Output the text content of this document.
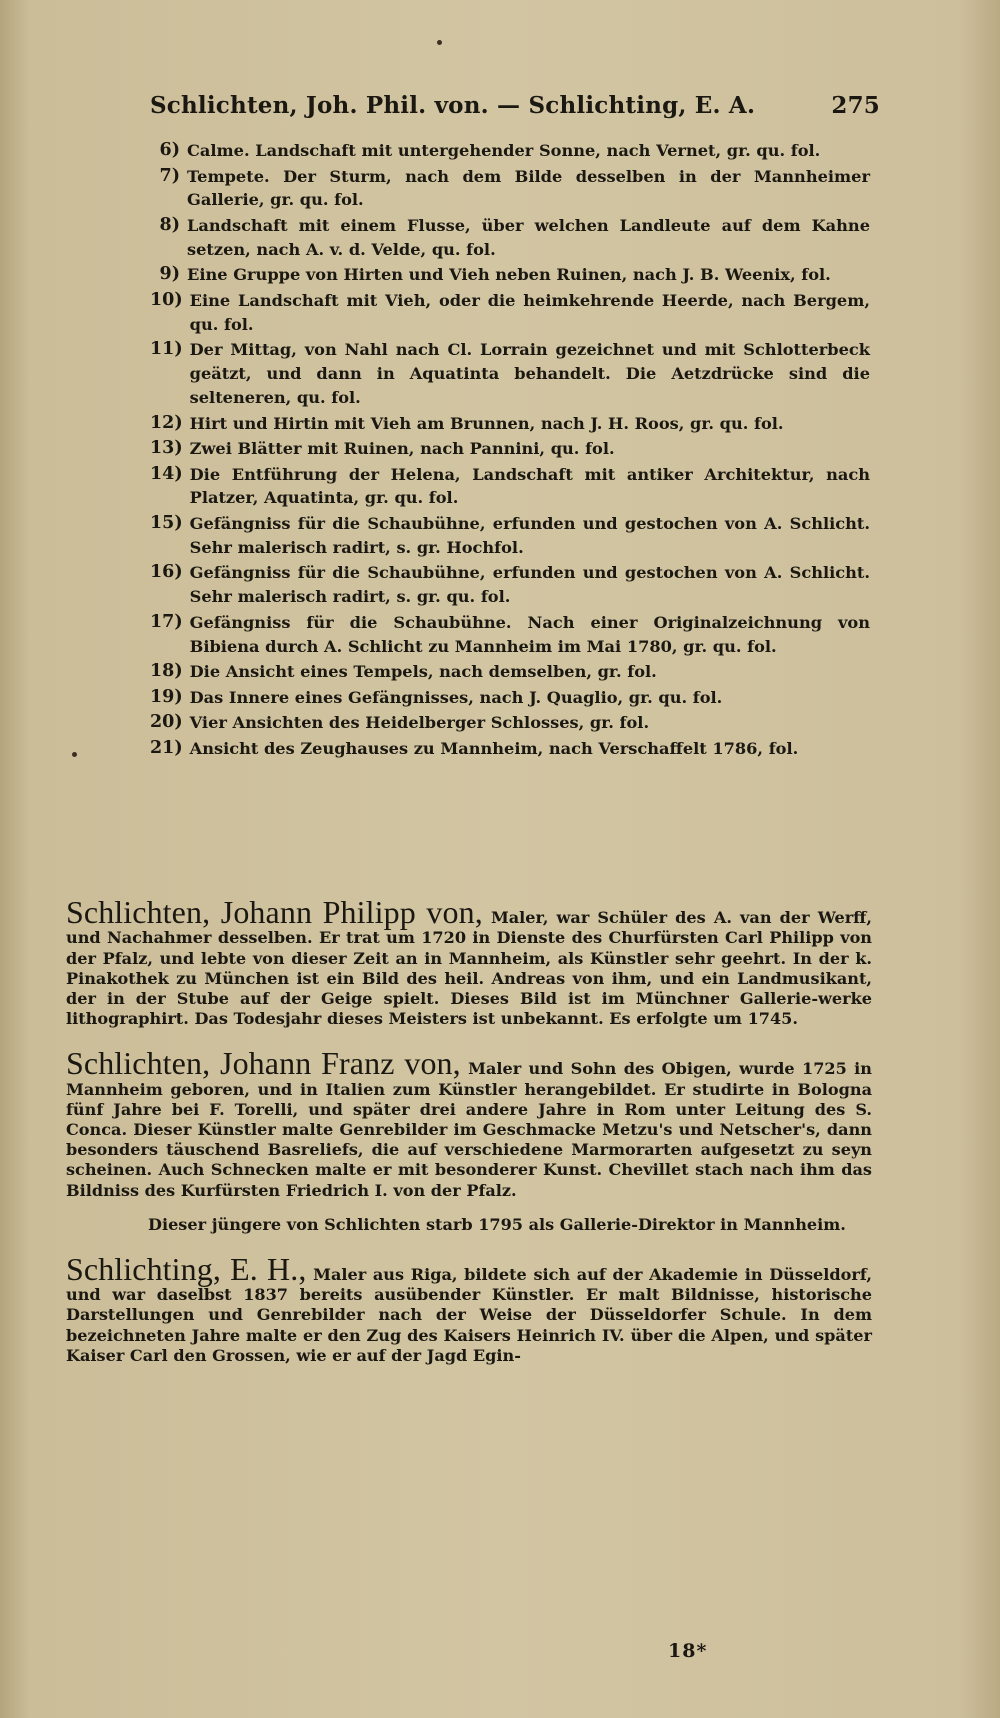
Schlichten, Joh. Phil. von. — Schlichting, E. A.	275
6) Calme. Landschaft mit untergehender Sonne, nach Vernet, gr. qu. fol.
7) Tempete. Der Sturm, nach dem Bilde desselben in der Mannheimer Gallerie, gr. qu. fol.
8) Landschaft mit einem Flusse, über welchen Landleute auf dem Kahne setzen, nach A. v. d. Velde, qu. fol.
9) Eine Gruppe von Hirten und Vieh neben Ruinen, nach J. B. Weenix, fol.
10) Eine Landschaft mit Vieh, oder die heimkehrende Heerde, nach Bergem, qu. fol.
11) Der Mittag, von Nahl nach Cl. Lorrain gezeichnet und mit Schlotterbeck geätzt, und dann in Aquatinta behandelt. Die Aetzdrücke sind die selteneren, qu. fol.
12) Hirt und Hirtin mit Vieh am Brunnen, nach J. H. Roos, gr. qu. fol.
13) Zwei Blätter mit Ruinen, nach Pannini, qu. fol.
14) Die Entführung der Helena, Landschaft mit antiker Architektur, nach Platzer, Aquatinta, gr. qu. fol.
15) Gefängniss für die Schaubühne, erfunden und gestochen von A. Schlicht. Sehr malerisch radirt, s. gr. Hochfol.
16) Gefängniss für die Schaubühne, erfunden und gestochen von A. Schlicht. Sehr malerisch radirt, s. gr. qu. fol.
17) Gefängniss für die Schaubühne. Nach einer Originalzeichnung von Bibiena durch A. Schlicht zu Mannheim im Mai 1780, gr. qu. fol.
18) Die Ansicht eines Tempels, nach demselben, gr. fol.
19) Das Innere eines Gefängnisses, nach J. Quaglio, gr. qu. fol.
20) Vier Ansichten des Heidelberger Schlosses, gr. fol.
21) Ansicht des Zeughauses zu Mannheim, nach Verschaffelt 1786, fol.

Schlichten, Johann Philipp von, Maler, war Schüler des A. van der Werff, und Nachahmer desselben. Er trat um 1720 in Dienste des Churfürsten Carl Philipp von der Pfalz, und lebte von dieser Zeit an in Mannheim, als Künstler sehr geehrt. In der k. Pinakothek zu München ist ein Bild des heil. Andreas von ihm, und ein Landmusikant, der in der Stube auf der Geige spielt. Dieses Bild ist im Münchner Gallerie-werke lithographirt. Das Todesjahr dieses Meisters ist unbekannt. Es erfolgte um 1745.

Schlichten, Johann Franz von, Maler und Sohn des Obigen, wurde 1725 in Mannheim geboren, und in Italien zum Künstler herangebildet. Er studirte in Bologna fünf Jahre bei F. Torelli, und später drei andere Jahre in Rom unter Leitung des S. Conca. Dieser Künstler malte Genrebilder im Geschmacke Metzu's und Netscher's, dann besonders täuschend Basreliefs, die auf verschiedene Marmorarten aufgesetzt zu seyn scheinen. Auch Schnecken malte er mit besonderer Kunst. Chevillet stach nach ihm das Bildniss des Kurfürsten Friedrich I. von der Pfalz.

Dieser jüngere von Schlichten starb 1795 als Gallerie-Direktor in Mannheim.

Schlichting, E. H., Maler aus Riga, bildete sich auf der Akademie in Düsseldorf, und war daselbst 1837 bereits ausübender Künstler. Er malt Bildnisse, historische Darstellungen und Genrebilder nach der Weise der Düsseldorfer Schule. In dem bezeichneten Jahre malte er den Zug des Kaisers Heinrich IV. über die Alpen, und später Kaiser Carl den Grossen, wie er auf der Jagd Egin-

18*
